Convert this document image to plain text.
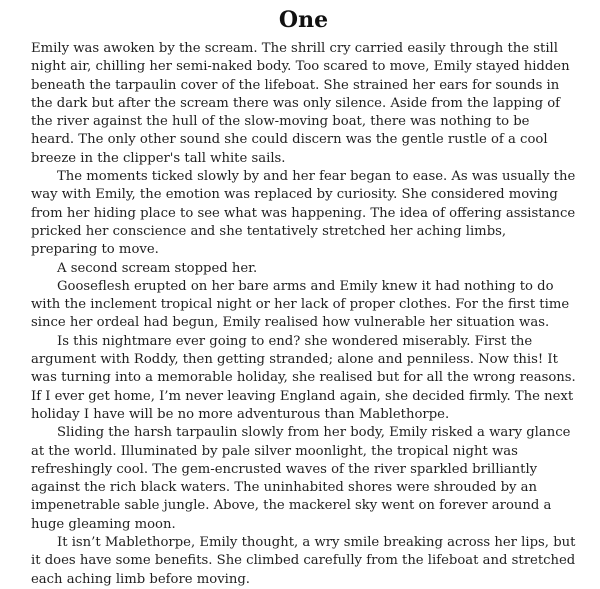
One

Emily was awoken by the scream. The shrill cry carried easily through the still night air, chilling her semi-naked body. Too scared to move, Emily stayed hidden beneath the tarpaulin cover of the lifeboat. She strained her ears for sounds in the dark but after the scream there was only silence. Aside from the lapping of the river against the hull of the slow-moving boat, there was nothing to be heard. The only other sound she could discern was the gentle rustle of a cool breeze in the clipper's tall white sails.

The moments ticked slowly by and her fear began to ease. As was usually the way with Emily, the emotion was replaced by curiosity. She considered moving from her hiding place to see what was happening. The idea of offering assistance pricked her conscience and she tentatively stretched her aching limbs, preparing to move.

A second scream stopped her.

Gooseflesh erupted on her bare arms and Emily knew it had nothing to do with the inclement tropical night or her lack of proper clothes. For the first time since her ordeal had begun, Emily realised how vulnerable her situation was.

Is this nightmare ever going to end? she wondered miserably. First the argument with Roddy, then getting stranded; alone and penniless. Now this! It was turning into a memorable holiday, she realised but for all the wrong reasons. If I ever get home, I’m never leaving England again, she decided firmly. The next holiday I have will be no more adventurous than Mablethorpe.

Sliding the harsh tarpaulin slowly from her body, Emily risked a wary glance at the world. Illuminated by pale silver moonlight, the tropical night was refreshingly cool. The gem-encrusted waves of the river sparkled brilliantly against the rich black waters. The uninhabited shores were shrouded by an impenetrable sable jungle. Above, the mackerel sky went on forever around a huge gleaming moon.

It isn’t Mablethorpe, Emily thought, a wry smile breaking across her lips, but it does have some benefits. She climbed carefully from the lifeboat and stretched each aching limb before moving.
